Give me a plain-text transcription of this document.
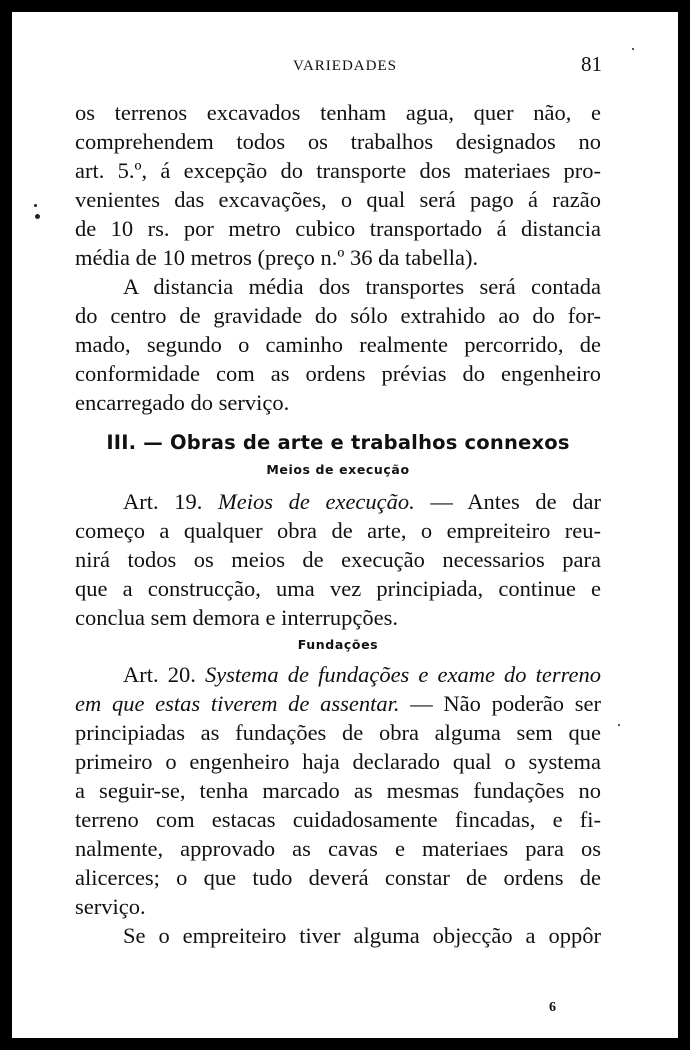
VARIEDADES	81

os terrenos excavados tenham agua, quer não, e
comprehendem todos os trabalhos designados no
art. 5.º, á excepção do transporte dos materiaes pro-
venientes das excavações, o qual será pago á razão
de 10 rs. por metro cubico transportado á distancia
média de 10 metros (preço n.º 36 da tabella).

A distancia média dos transportes será contada
do centro de gravidade do sólo extrahido ao do for-
mado, segundo o caminho realmente percorrido, de
conformidade com as ordens prévias do engenheiro
encarregado do serviço.

III. — Obras de arte e trabalhos connexos
Meios de execução

Art. 19. Meios de execução. — Antes de dar
começo a qualquer obra de arte, o empreiteiro reu-
nirá todos os meios de execução necessarios para
que a construcção, uma vez principiada, continue e
conclua sem demora e interrupções.

Fundações

Art. 20. Systema de fundações e exame do terreno
em que estas tiverem de assentar. — Não poderão ser
principiadas as fundações de obra alguma sem que
primeiro o engenheiro haja declarado qual o systema
a seguir-se, tenha marcado as mesmas fundações no
terreno com estacas cuidadosamente fincadas, e fi-
nalmente, approvado as cavas e materiaes para os
alicerces; o que tudo deverá constar de ordens de
serviço.

Se o empreiteiro tiver alguma objecção a oppôr

6
